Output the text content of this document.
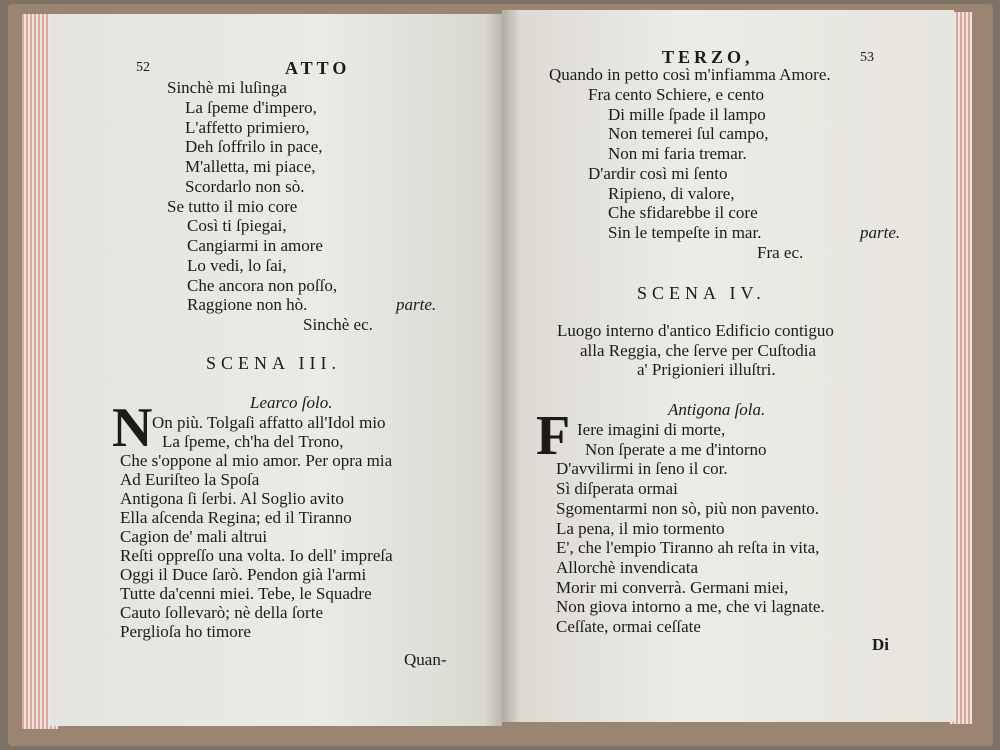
52	ATTO
parte.
Sinchè ec.
SCENA III.
Learco ſolo.
N
Quan-
TERZO,	53
parte.
Fra ec.
SCENA IV.
Antigona ſola.
F
Di
Sinchè mi luſinga
La ſpeme d'impero,
L'affetto primiero,
Deh ſoffrilo in pace,
M'alletta, mi piace,
Scordarlo non sò.
Se tutto il mio core
Così ti ſpiegai,
Cangiarmi in amore
Lo vedi, lo ſai,
Che ancora non poſſo,
Raggione non hò.
On più. Tolgaſi affatto all'Idol mio
La ſpeme, ch'ha del Trono,
Che s'oppone al mio amor. Per opra mia
Ad Euriſteo la Spoſa
Antigona ſi ſerbi. Al Soglio avito
Ella aſcenda Regina; ed il Tiranno
Cagion de' mali altrui
Reſti oppreſſo una volta. Io dell' impreſa
Oggi il Duce ſarò. Pendon già l'armi
Tutte da'cenni miei. Tebe, le Squadre
Cauto ſollevarò; nè della ſorte
Perglioſa ho timore
Quando in petto così m'infiamma Amore.
Fra cento Schiere, e cento
Di mille ſpade il lampo
Non temerei ſul campo,
Non mi faria tremar.
D'ardir così mi ſento
Ripieno, di valore,
Che sfidarebbe il core
Sin le tempeſte in mar.
Luogo interno d'antico Edificio contiguo
alla Reggia, che ſerve per Cuſtodia
a' Prigionieri illuſtri.
Iere imagini di morte,
Non ſperate a me d'intorno
D'avvilirmi in ſeno il cor.
Sì diſperata ormai
Sgomentarmi non sò, più non pavento.
La pena, il mio tormento
E', che l'empio Tiranno ah reſta in vita,
Allorchè invendicata
Morir mi converrà. Germani miei,
Non giova intorno a me, che vi lagnate.
Ceſſate, ormai ceſſate
